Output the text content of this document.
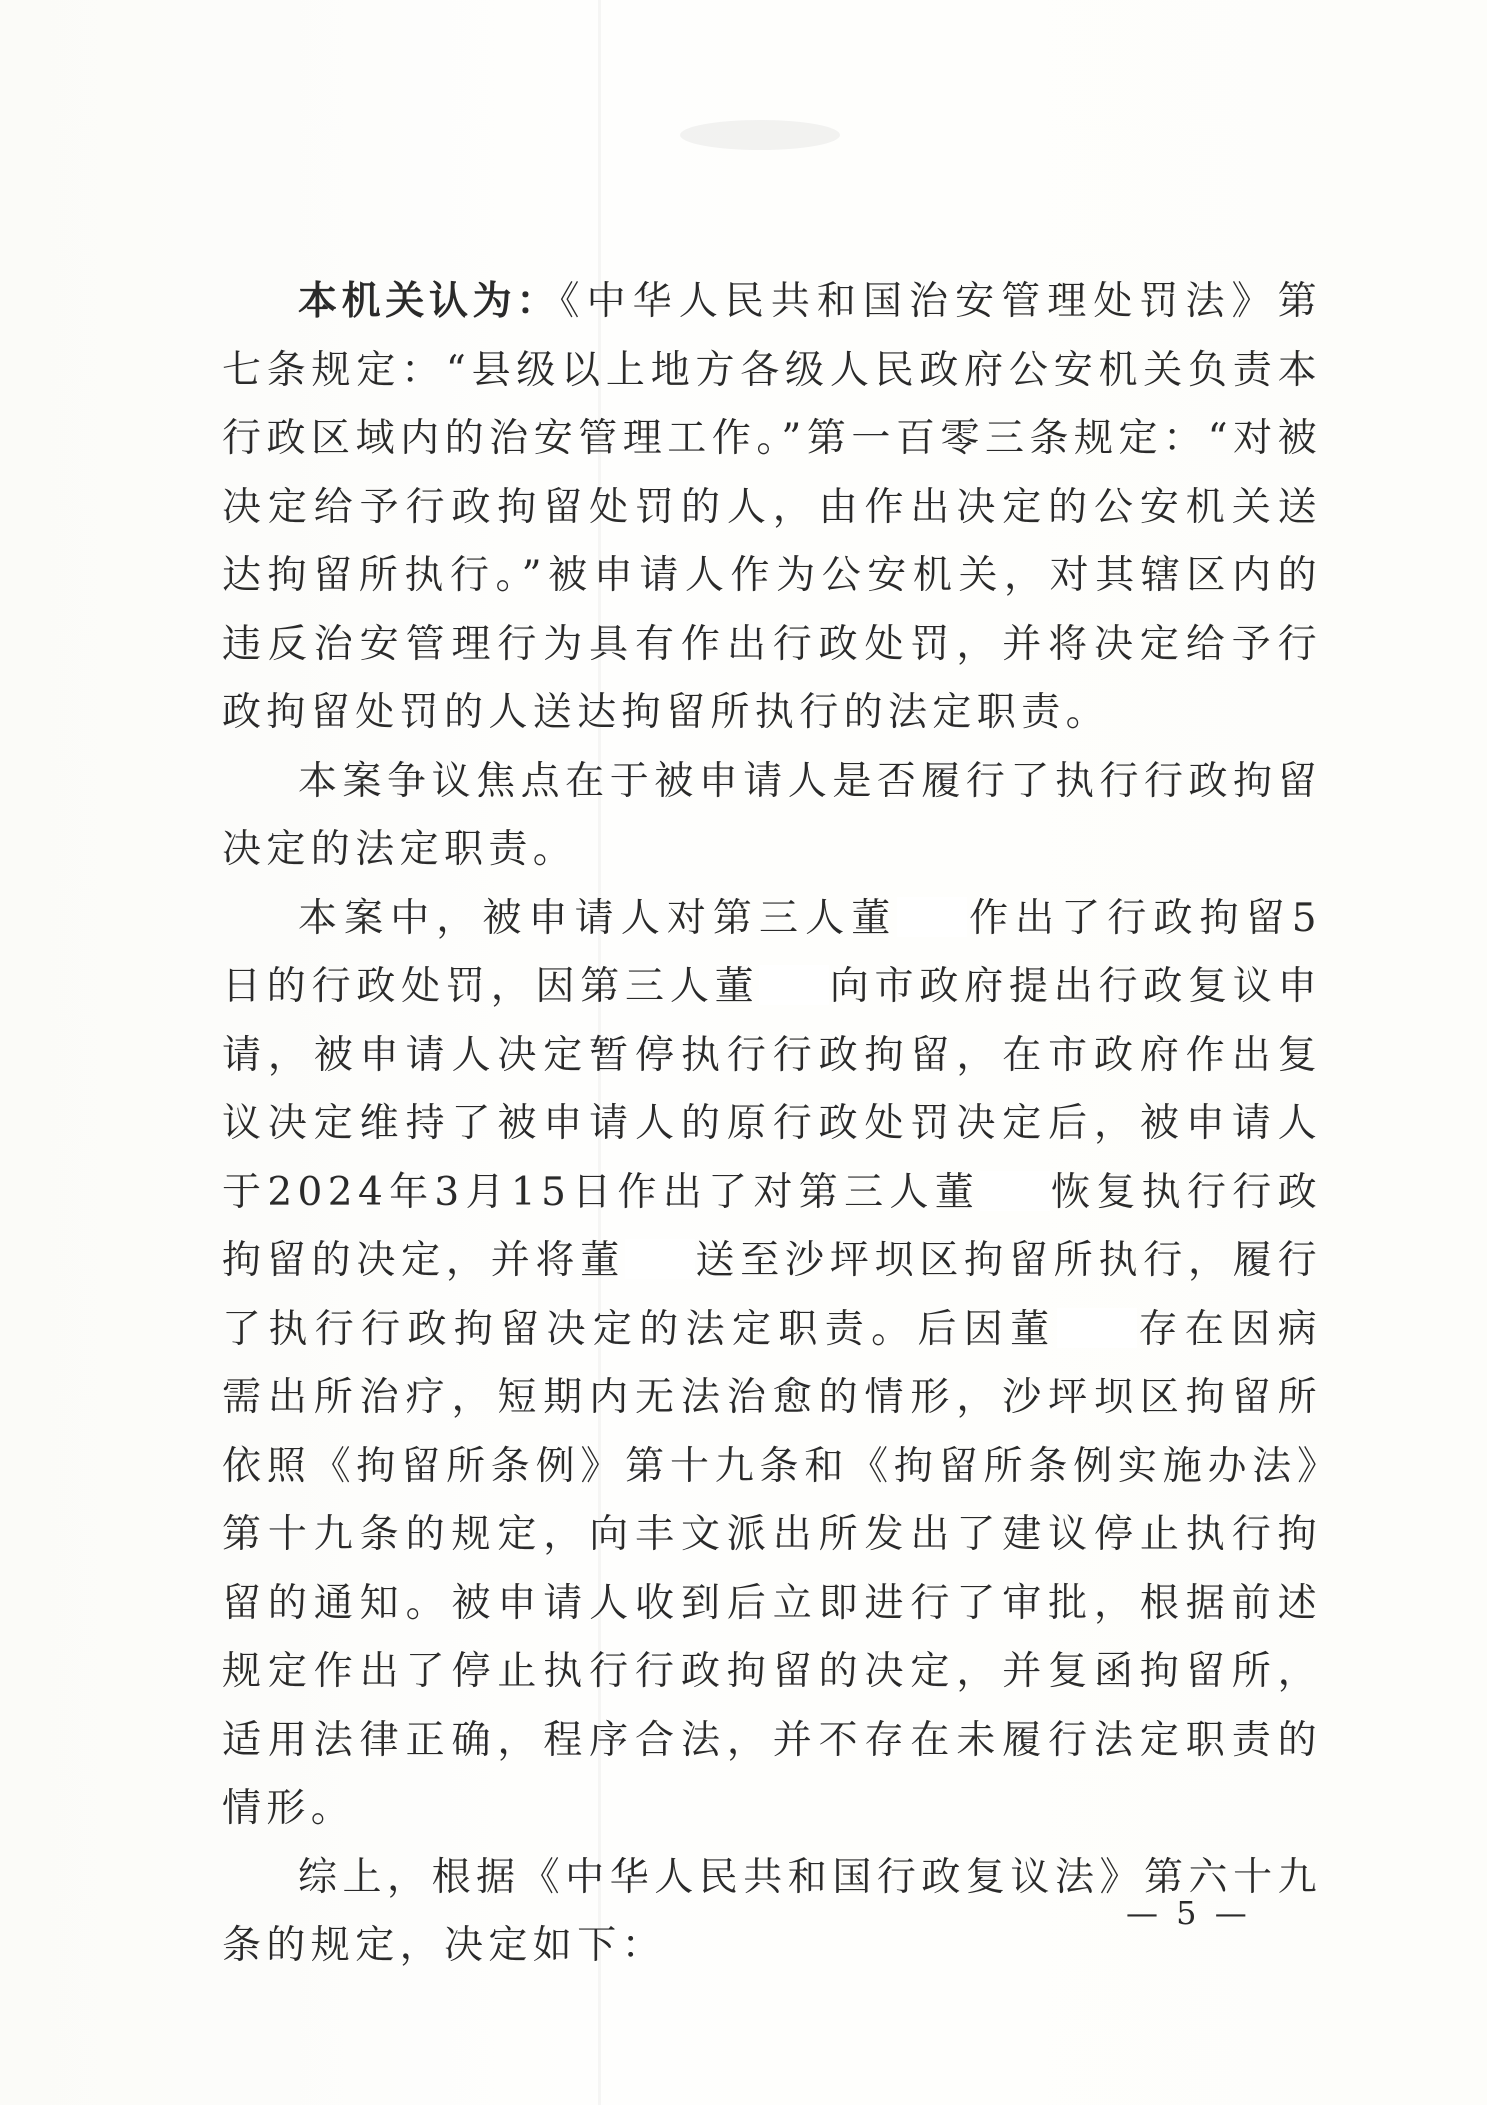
本机关认为：《中华人民共和国治安管理处罚法》第七条规定：“县级以上地方各级人民政府公安机关负责本行政区域内的治安管理工作。”第一百零三条规定：“对被决定给予行政拘留处罚的人，由作出决定的公安机关送达拘留所执行。”被申请人作为公安机关，对其辖区内的违反治安管理行为具有作出行政处罚，并将决定给予行政拘留处罚的人送达拘留所执行的法定职责。

本案争议焦点在于被申请人是否履行了执行行政拘留决定的法定职责。

本案中，被申请人对第三人董 作出了行政拘留5日的行政处罚，因第三人董 向市政府提出行政复议申请，被申请人决定暂停执行行政拘留，在市政府作出复议决定维持了被申请人的原行政处罚决定后，被申请人于2024年3月15日作出了对第三人董 恢复执行行政拘留的决定，并将董 送至沙坪坝区拘留所执行，履行了执行行政拘留决定的法定职责。后因董 存在因病需出所治疗，短期内无法治愈的情形，沙坪坝区拘留所依照《拘留所条例》第十九条和《拘留所条例实施办法》第十九条的规定，向丰文派出所发出了建议停止执行拘留的通知。被申请人收到后立即进行了审批，根据前述规定作出了停止执行行政拘留的决定，并复函拘留所，适用法律正确，程序合法，并不存在未履行法定职责的情形。

综上，根据《中华人民共和国行政复议法》第六十九条的规定，决定如下：

— 5 —
